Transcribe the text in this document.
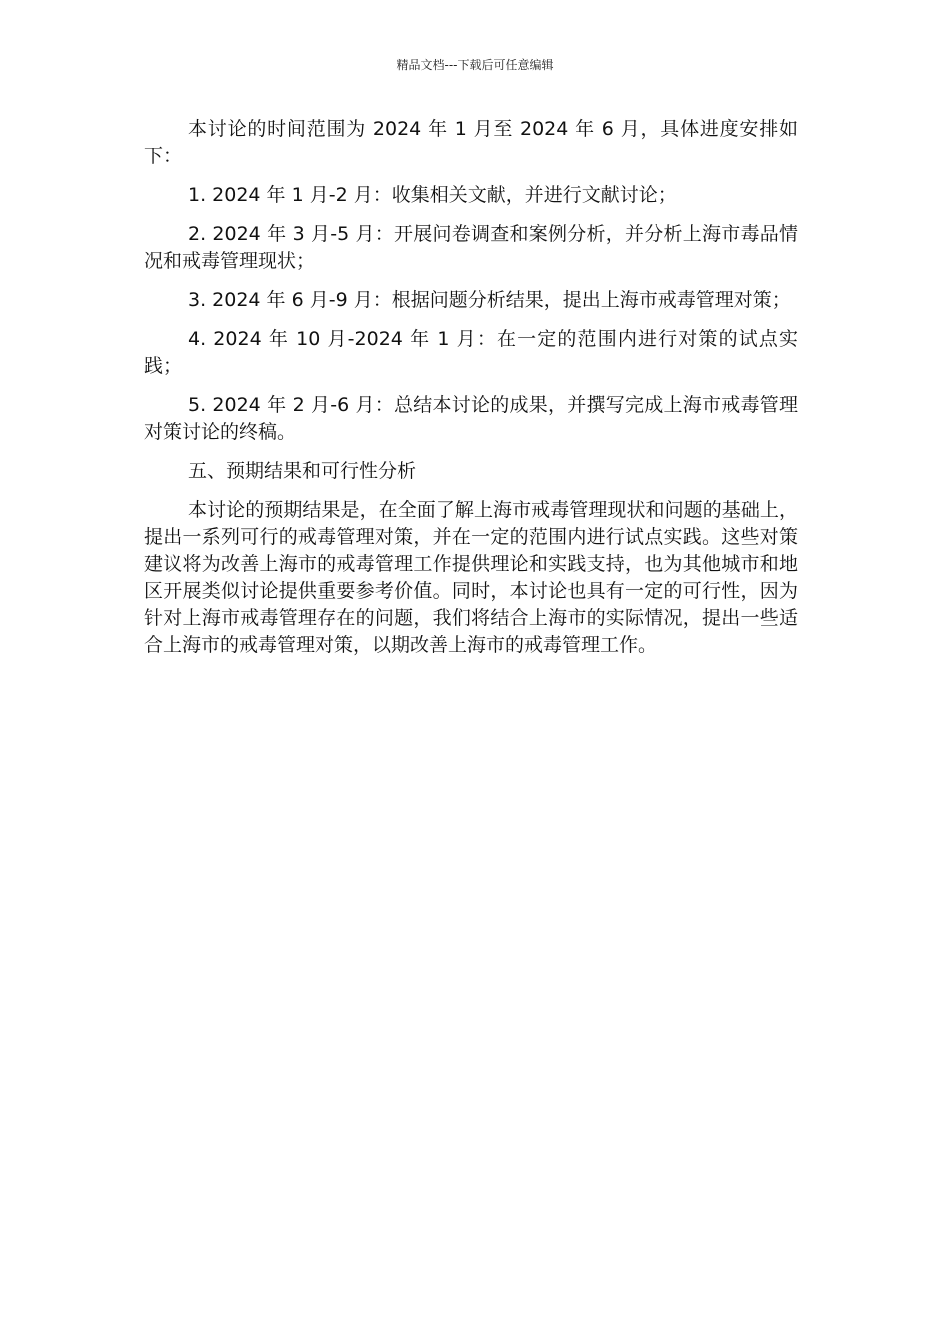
精品文档---下载后可任意编辑

本讨论的时间范围为 2024 年 1 月至 2024 年 6 月，具体进度安排如下：

1. 2024 年 1 月-2 月：收集相关文献，并进行文献讨论；

2. 2024 年 3 月-5 月：开展问卷调查和案例分析，并分析上海市毒品情况和戒毒管理现状；

3. 2024 年 6 月-9 月：根据问题分析结果，提出上海市戒毒管理对策；

4. 2024 年 10 月-2024 年 1 月：在一定的范围内进行对策的试点实践；

5. 2024 年 2 月-6 月：总结本讨论的成果，并撰写完成上海市戒毒管理对策讨论的终稿。

五、预期结果和可行性分析

本讨论的预期结果是，在全面了解上海市戒毒管理现状和问题的基础上，提出一系列可行的戒毒管理对策，并在一定的范围内进行试点实践。这些对策建议将为改善上海市的戒毒管理工作提供理论和实践支持，也为其他城市和地区开展类似讨论提供重要参考价值。同时，本讨论也具有一定的可行性，因为针对上海市戒毒管理存在的问题，我们将结合上海市的实际情况，提出一些适合上海市的戒毒管理对策，以期改善上海市的戒毒管理工作。
